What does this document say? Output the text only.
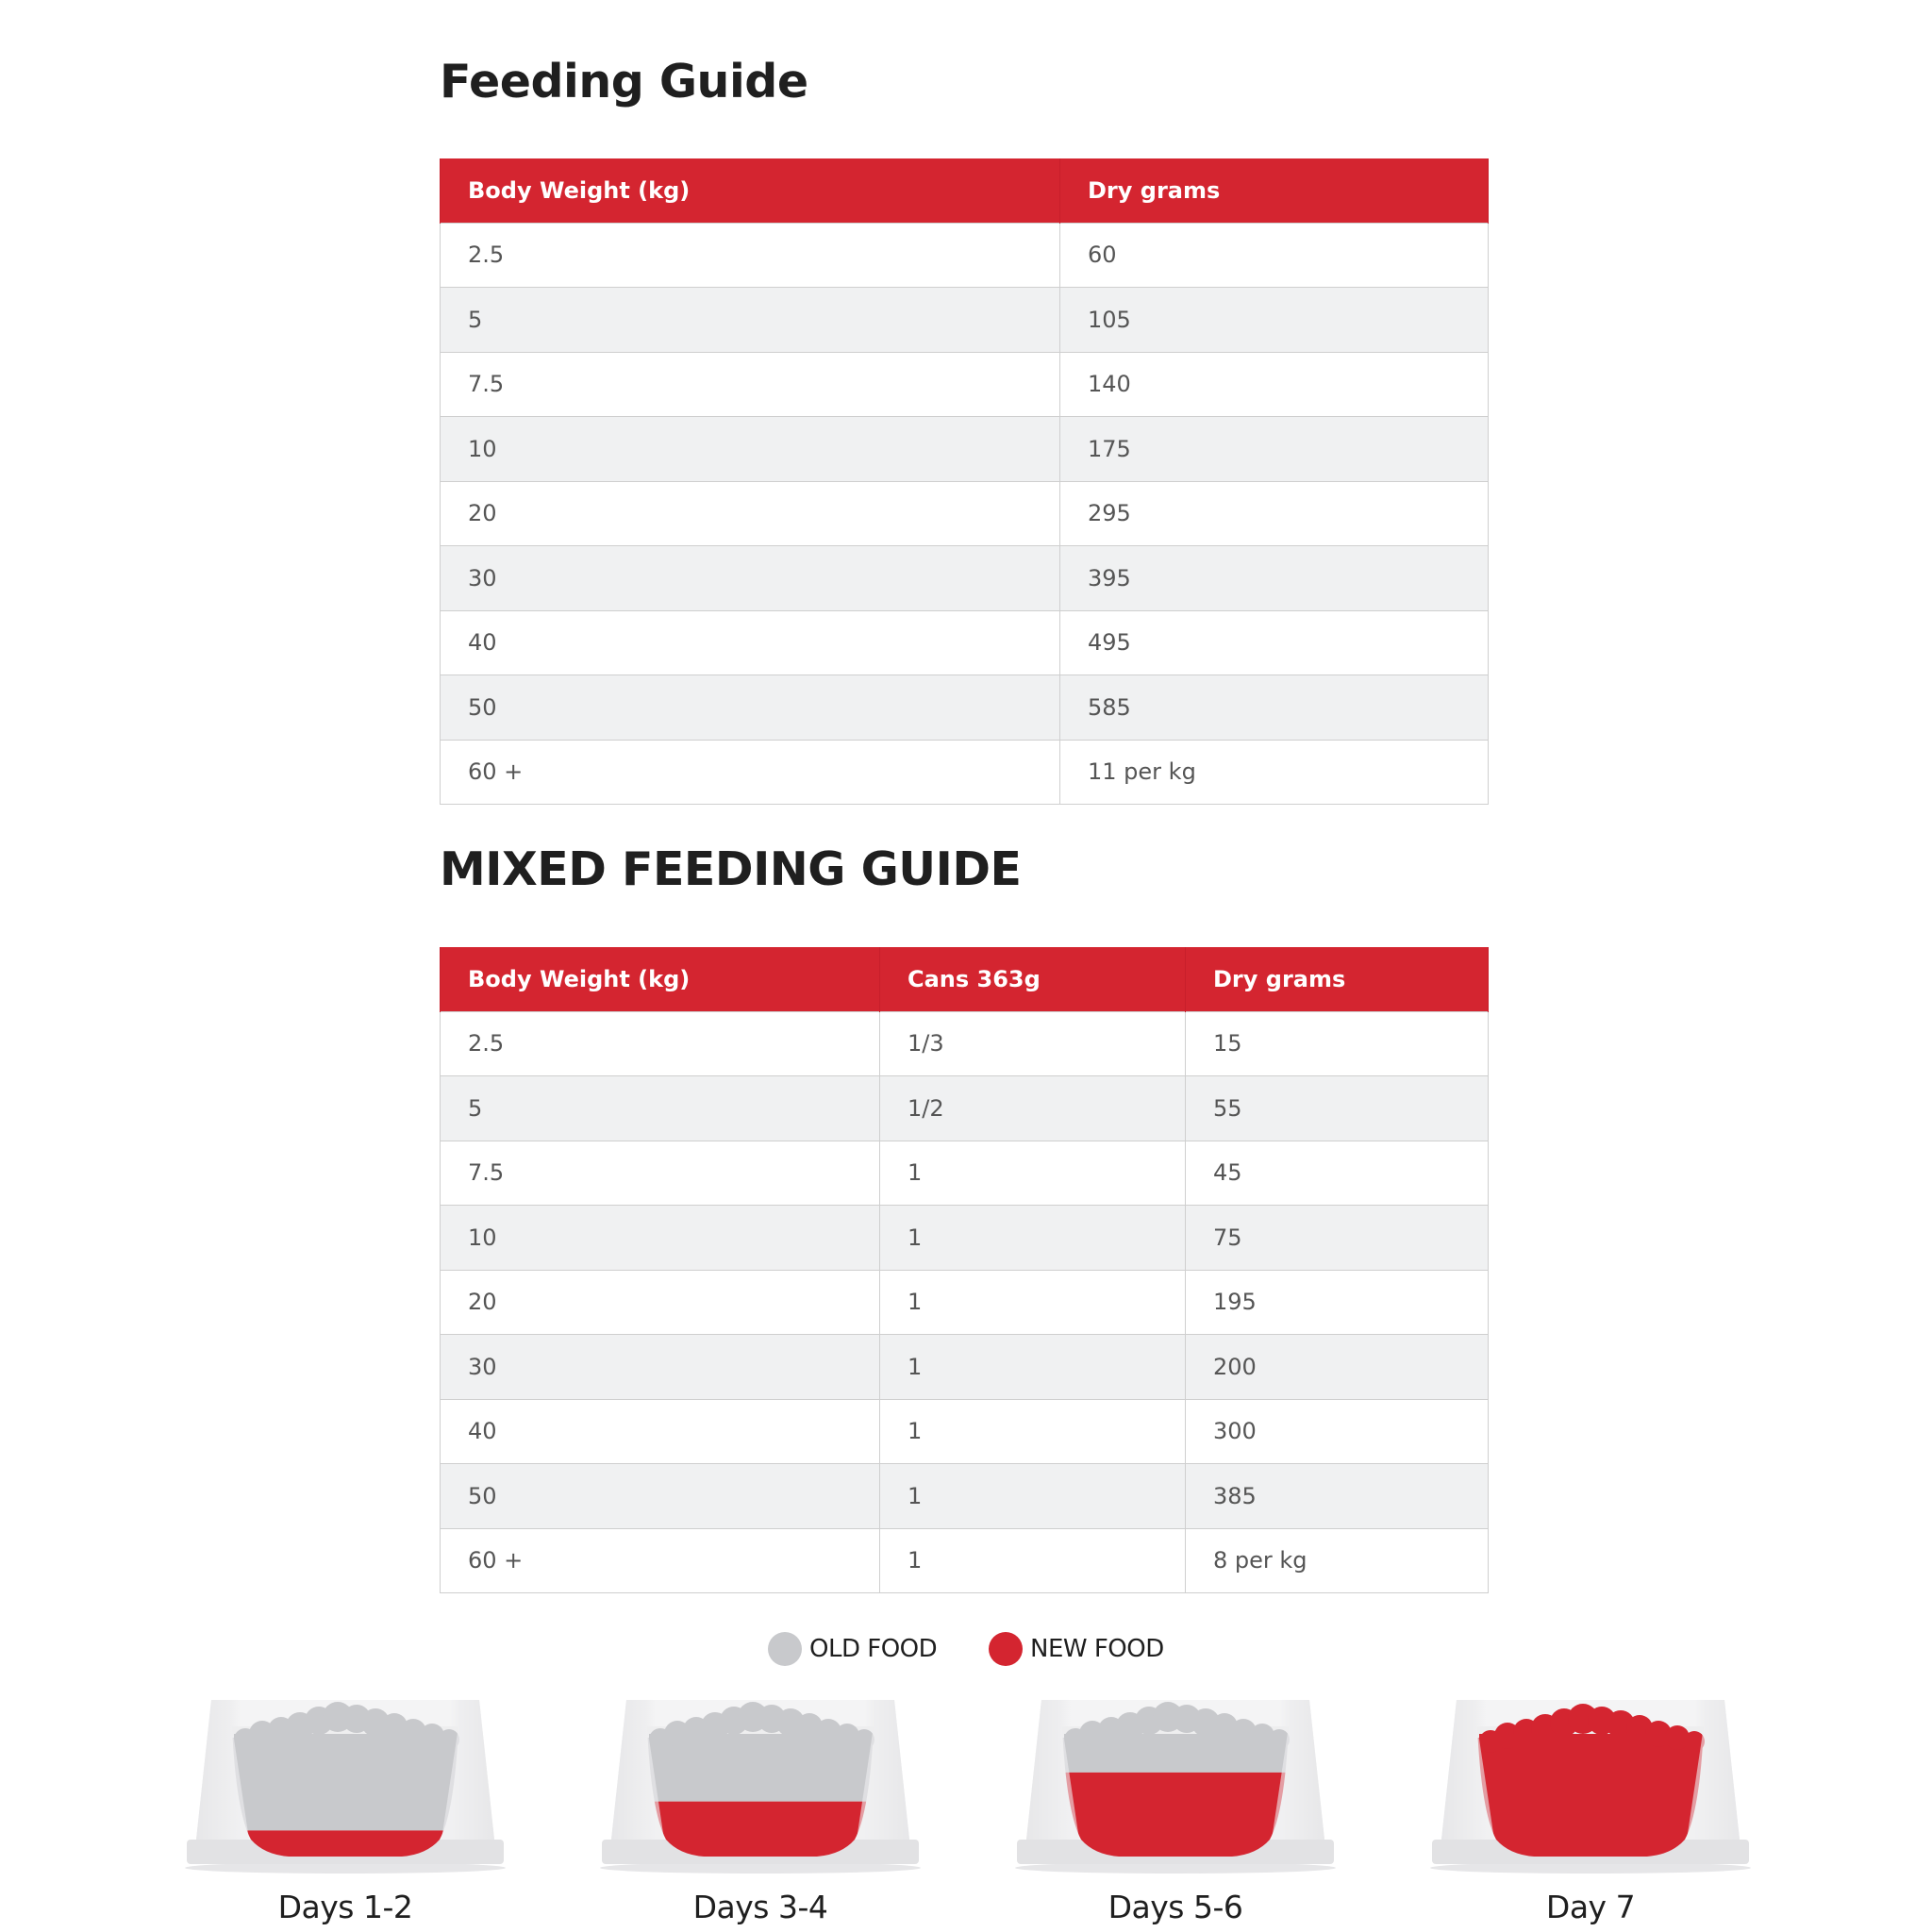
Feeding Guide
Body Weight (kg)	Dry grams
2.5	60
5	105
7.5	140
10	175
20	295
30	395
40	495
50	585
60 +	11 per kg
MIXED FEEDING GUIDE
Body Weight (kg)	Cans 363g	Dry grams
2.5	1/3	15
5	1/2	55
7.5	1	45
10	1	75
20	1	195
30	1	200
40	1	300
50	1	385
60 +	1	8 per kg
OLD FOOD	NEW FOOD
Days 1-2	Days 3-4	Days 5-6	Day 7
